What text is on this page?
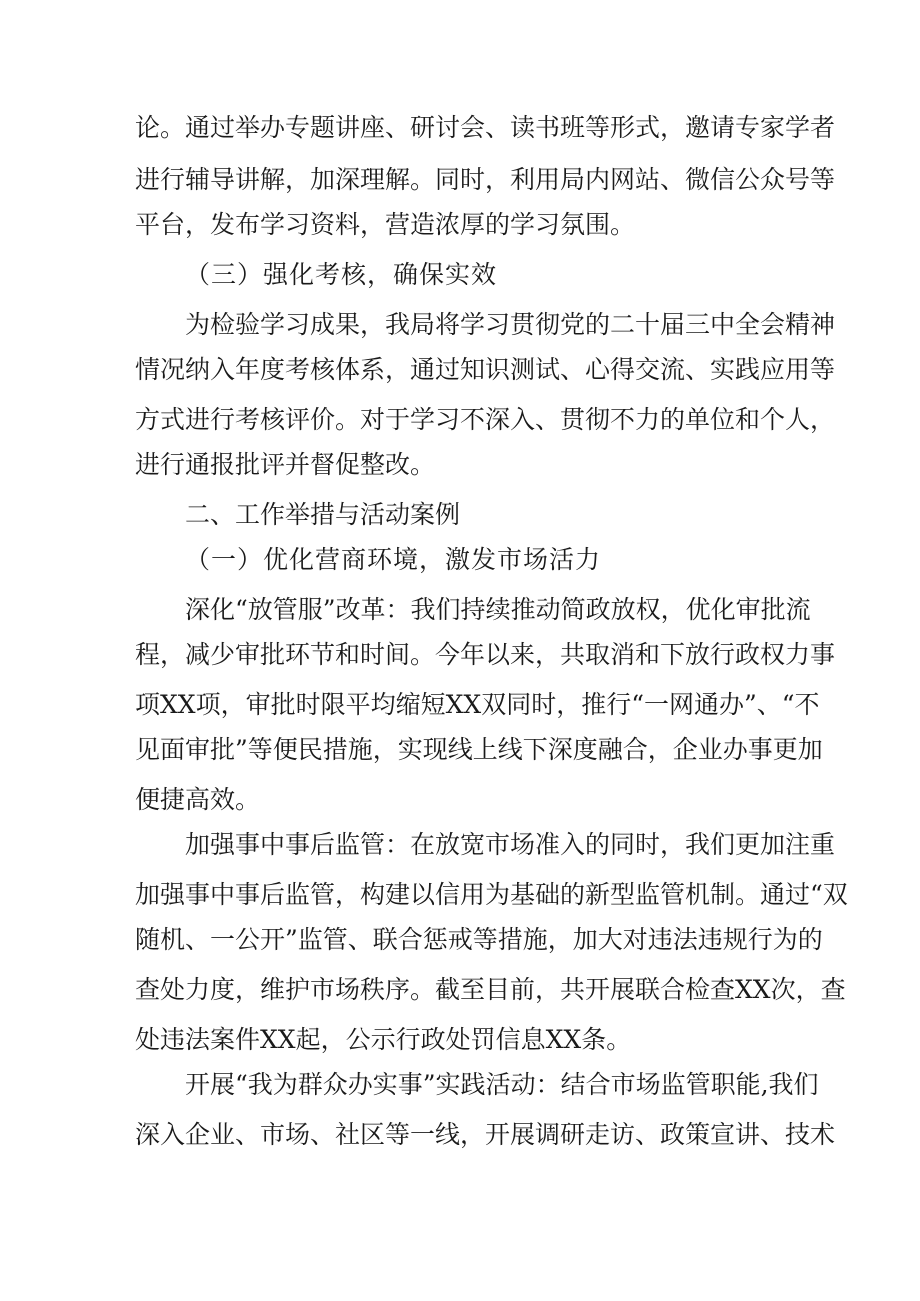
论。通过举办专题讲座、研讨会、读书班等形式，邀请专家学者
进行辅导讲解，加深理解。同时，利用局内网站、微信公众号等
平台，发布学习资料，营造浓厚的学习氛围。
（三）强化考核，确保实效
为检验学习成果，我局将学习贯彻党的二十届三中全会精神
情况纳入年度考核体系，通过知识测试、心得交流、实践应用等
方式进行考核评价。对于学习不深入、贯彻不力的单位和个人，
进行通报批评并督促整改。
二、工作举措与活动案例
（一）优化营商环境，激发市场活力
深化“放管服”改革：我们持续推动简政放权，优化审批流
程，减少审批环节和时间。今年以来，共取消和下放行政权力事
项XX项，审批时限平均缩短XX双同时，推行“一网通办”、“不
见面审批”等便民措施，实现线上线下深度融合，企业办事更加
便捷高效。
加强事中事后监管：在放宽市场准入的同时，我们更加注重
加强事中事后监管，构建以信用为基础的新型监管机制。通过“双
随机、一公开”监管、联合惩戒等措施，加大对违法违规行为的
查处力度，维护市场秩序。截至目前，共开展联合检查XX次，查
处违法案件XX起，公示行政处罚信息XX条。
开展“我为群众办实事”实践活动：结合市场监管职能,我们
深入企业、市场、社区等一线，开展调研走访、政策宣讲、技术
